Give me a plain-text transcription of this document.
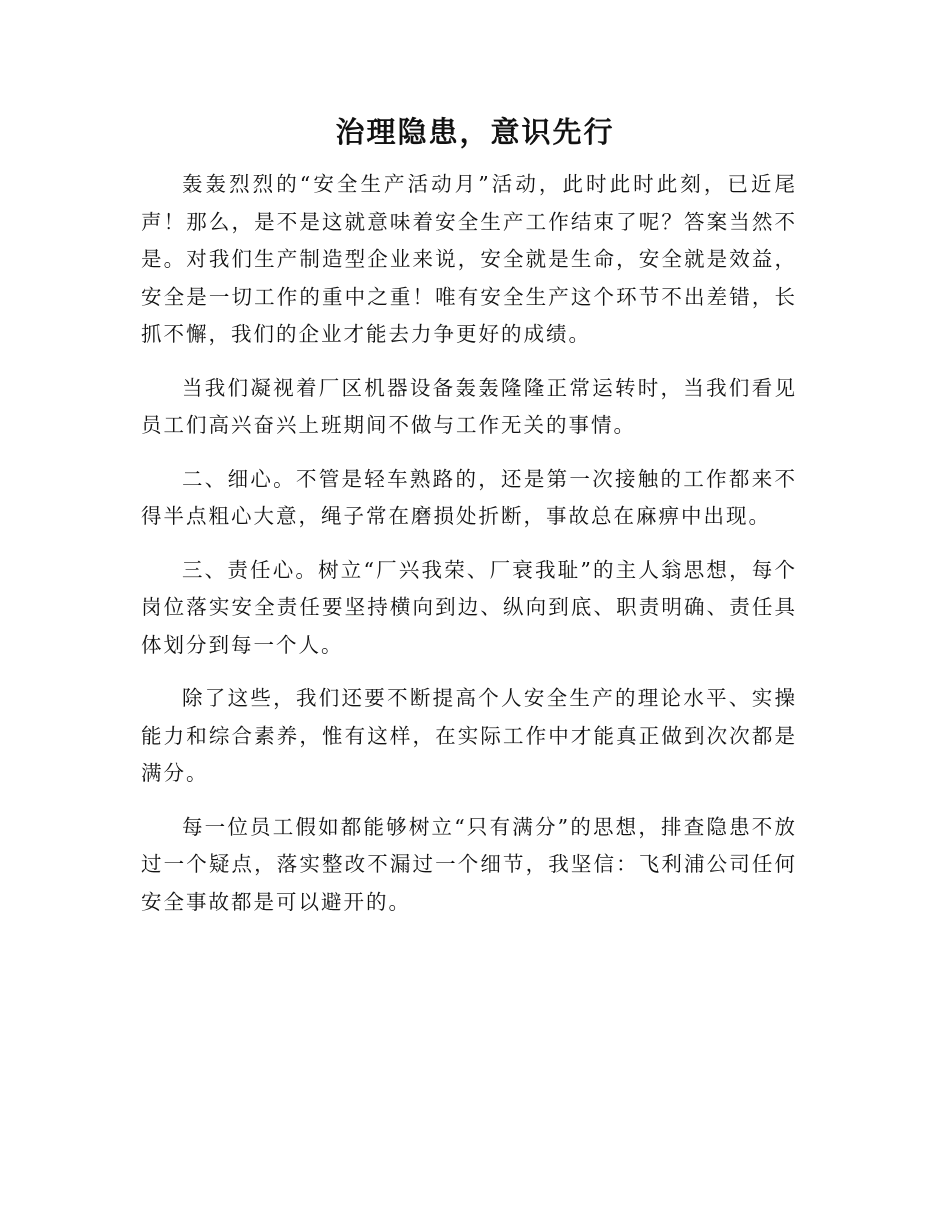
治理隐患，意识先行

轰轰烈烈的“安全生产活动月”活动，此时此时此刻，已近尾声！那么，是不是这就意味着安全生产工作结束了呢？答案当然不是。对我们生产制造型企业来说，安全就是生命，安全就是效益，安全是一切工作的重中之重！唯有安全生产这个环节不出差错，长抓不懈，我们的企业才能去力争更好的成绩。

当我们凝视着厂区机器设备轰轰隆隆正常运转时，当我们看见员工们高兴奋兴上班期间不做与工作无关的事情。

二、细心。不管是轻车熟路的，还是第一次接触的工作都来不得半点粗心大意，绳子常在磨损处折断，事故总在麻痹中出现。

三、责任心。树立“厂兴我荣、厂衰我耻”的主人翁思想，每个岗位落实安全责任要坚持横向到边、纵向到底、职责明确、责任具体划分到每一个人。

除了这些，我们还要不断提高个人安全生产的理论水平、实操能力和综合素养，惟有这样，在实际工作中才能真正做到次次都是满分。

每一位员工假如都能够树立“只有满分”的思想，排查隐患不放过一个疑点，落实整改不漏过一个细节，我坚信：飞利浦公司任何安全事故都是可以避开的。
